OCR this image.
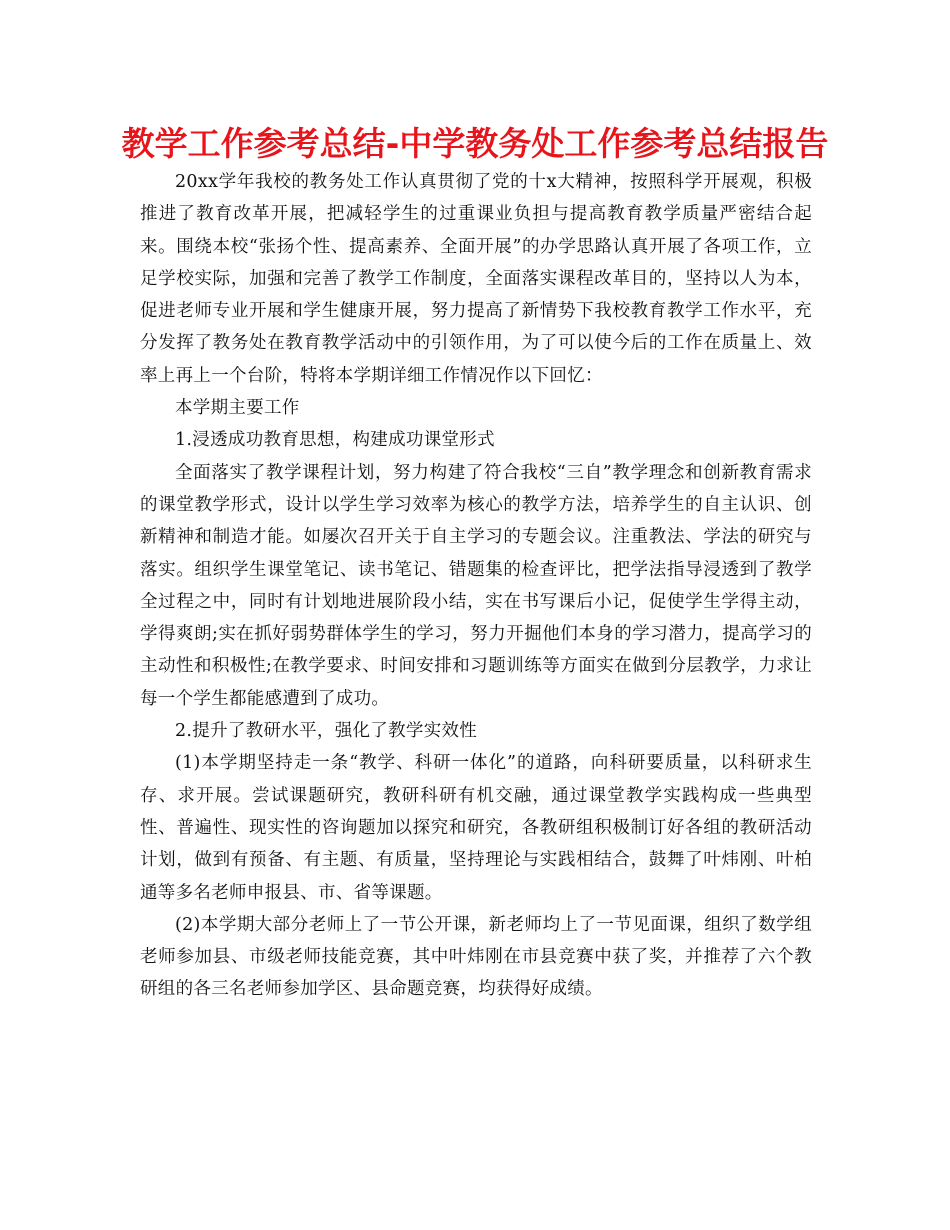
教学工作参考总结-中学教务处工作参考总结报告

20xx学年我校的教务处工作认真贯彻了党的十x大精神，按照科学开展观，积极推进了教育改革开展，把减轻学生的过重课业负担与提高教育教学质量严密结合起来。围绕本校“张扬个性、提高素养、全面开展”的办学思路认真开展了各项工作，立足学校实际，加强和完善了教学工作制度，全面落实课程改革目的，坚持以人为本，促进老师专业开展和学生健康开展，努力提高了新情势下我校教育教学工作水平，充分发挥了教务处在教育教学活动中的引领作用，为了可以使今后的工作在质量上、效率上再上一个台阶，特将本学期详细工作情况作以下回忆：

本学期主要工作

1.浸透成功教育思想，构建成功课堂形式

全面落实了教学课程计划，努力构建了符合我校“三自”教学理念和创新教育需求的课堂教学形式，设计以学生学习效率为核心的教学方法，培养学生的自主认识、创新精神和制造才能。如屡次召开关于自主学习的专题会议。注重教法、学法的研究与落实。组织学生课堂笔记、读书笔记、错题集的检查评比，把学法指导浸透到了教学全过程之中，同时有计划地进展阶段小结，实在书写课后小记，促使学生学得主动，学得爽朗;实在抓好弱势群体学生的学习，努力开掘他们本身的学习潜力，提高学习的主动性和积极性;在教学要求、时间安排和习题训练等方面实在做到分层教学，力求让每一个学生都能感遭到了成功。

2.提升了教研水平，强化了教学实效性

(1)本学期坚持走一条“教学、科研一体化”的道路，向科研要质量，以科研求生存、求开展。尝试课题研究，教研科研有机交融，通过课堂教学实践构成一些典型性、普遍性、现实性的咨询题加以探究和研究，各教研组积极制订好各组的教研活动计划，做到有预备、有主题、有质量，坚持理论与实践相结合，鼓舞了叶炜刚、叶柏通等多名老师申报县、市、省等课题。

(2)本学期大部分老师上了一节公开课，新老师均上了一节见面课，组织了数学组老师参加县、市级老师技能竞赛，其中叶炜刚在市县竞赛中获了奖，并推荐了六个教研组的各三名老师参加学区、县命题竞赛，均获得好成绩。
